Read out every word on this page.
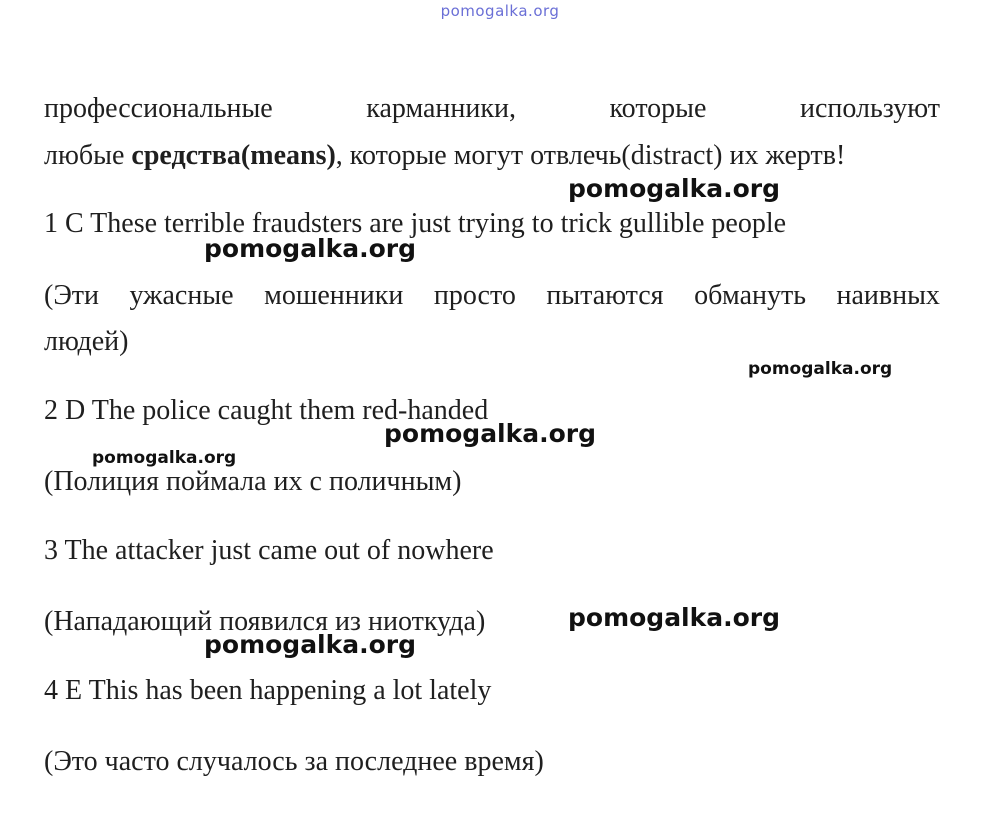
pomogalka.org
профессиональные	карманники,	которые	используют
любые средства(means), которые могут отвлечь(distract) их жертв!
1 C These terrible fraudsters are just trying to trick gullible people
(Эти ужасные мошенники просто пытаются обмануть наивных
людей)
2 D The police caught them red-handed
(Полиция поймала их с поличным)
3 The attacker just came out of nowhere
(Нападающий появился из ниоткуда)
4 E This has been happening a lot lately
(Это часто случалось за последнее время)
pomogalka.org
pomogalka.org
pomogalka.org
pomogalka.org
pomogalka.org
pomogalka.org
pomogalka.org
